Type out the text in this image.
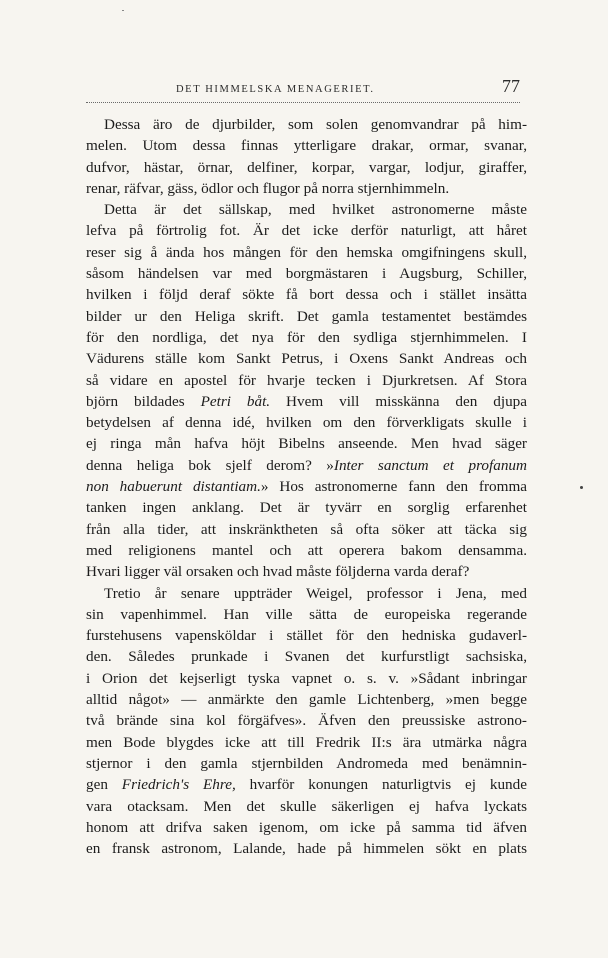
DET HIMMELSKA MENAGERIET.	77
Dessa äro de djurbilder, som solen genomvandrar på him-
melen. Utom dessa finnas ytterligare drakar, ormar, svanar,
dufvor, hästar, örnar, delfiner, korpar, vargar, lodjur, giraffer,
renar, räfvar, gäss, ödlor och flugor på norra stjernhimmeln.
Detta är det sällskap, med hvilket astronomerne måste
lefva på förtrolig fot. Är det icke derför naturligt, att håret
reser sig å ända hos mången för den hemska omgifningens skull,
såsom händelsen var med borgmästaren i Augsburg, Schiller,
hvilken i följd deraf sökte få bort dessa och i stället insätta
bilder ur den Heliga skrift. Det gamla testamentet bestämdes
för den nordliga, det nya för den sydliga stjernhimmelen. I
Vädurens ställe kom Sankt Petrus, i Oxens Sankt Andreas och
så vidare en apostel för hvarje tecken i Djurkretsen. Af Stora
björn bildades Petri båt. Hvem vill misskänna den djupa
betydelsen af denna idé, hvilken om den förverkligats skulle i
ej ringa mån hafva höjt Bibelns anseende. Men hvad säger
denna heliga bok sjelf derom? »Inter sanctum et profanum
non habuerunt distantiam.» Hos astronomerne fann den fromma
tanken ingen anklang. Det är tyvärr en sorglig erfarenhet
från alla tider, att inskränktheten så ofta söker att täcka sig
med religionens mantel och att operera bakom densamma.
Hvari ligger väl orsaken och hvad måste följderna varda deraf?
Tretio år senare uppträder Weigel, professor i Jena, med
sin vapenhimmel. Han ville sätta de europeiska regerande
furstehusens vapensköldar i stället för den hedniska gudaverl-
den. Således prunkade i Svanen det kurfurstligt sachsiska,
i Orion det kejserligt tyska vapnet o. s. v. »Sådant inbringar
alltid något» — anmärkte den gamle Lichtenberg, »men begge
två brände sina kol förgäfves». Äfven den preussiske astrono-
men Bode blygdes icke att till Fredrik II:s ära utmärka några
stjernor i den gamla stjernbilden Andromeda med benämnin-
gen Friedrich's Ehre, hvarför konungen naturligtvis ej kunde
vara otacksam. Men det skulle säkerligen ej hafva lyckats
honom att drifva saken igenom, om icke på samma tid äfven
en fransk astronom, Lalande, hade på himmelen sökt en plats
